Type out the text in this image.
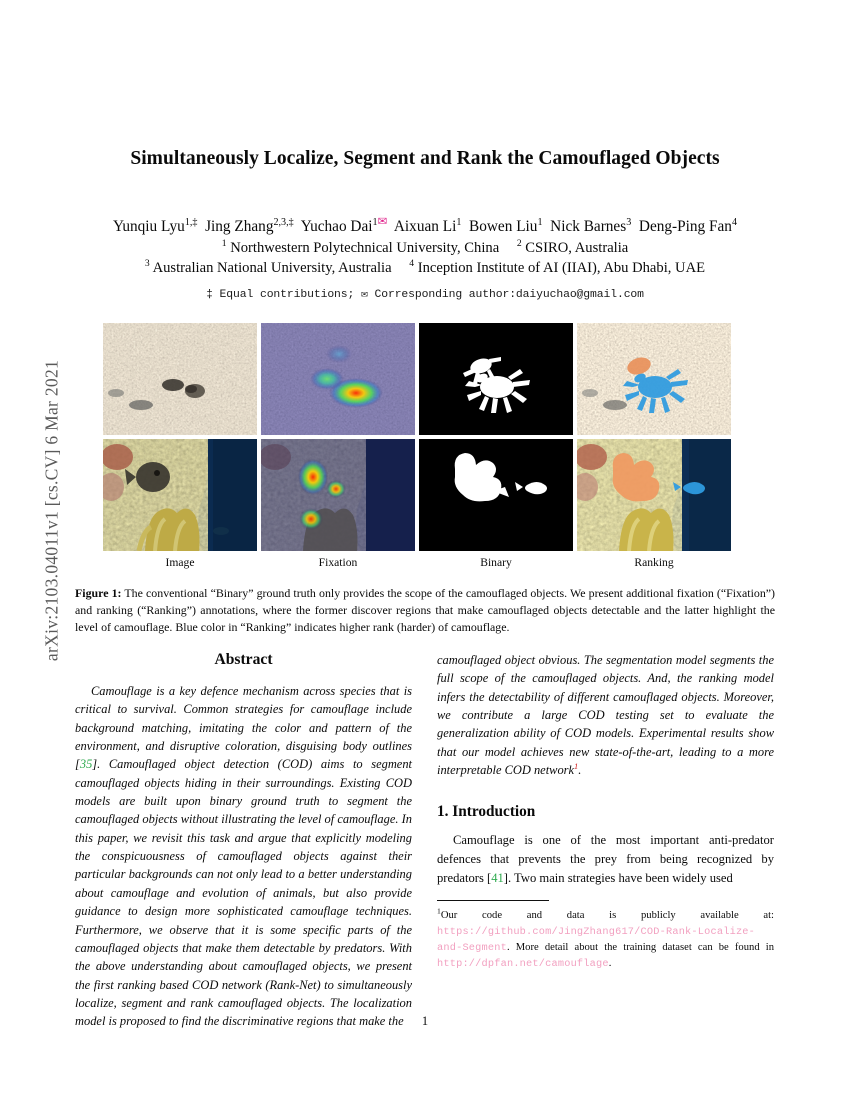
arXiv:2103.04011v1 [cs.CV] 6 Mar 2021
Simultaneously Localize, Segment and Rank the Camouflaged Objects
Yunqiu Lyu$^{1,\ddagger}$ Jing Zhang$^{2,3,\ddagger}$ Yuchao Dai$^{1✉}$ Aixuan Li$^1$ Bowen Liu$^1$ Nick Barnes$^3$ Deng-Ping Fan$^4$
$^1$ Northwestern Polytechnical University, China $^2$ CSIRO, Australia
$^3$ Australian National University, Australia $^4$ Inception Institute of AI (IIAI), Abu Dhabi, UAE
‡ Equal contributions; ✉ Corresponding author:daiyuchao@gmail.com
Image	Fixation	Binary	Ranking
Figure 1: The conventional “Binary” ground truth only provides the scope of the camouflaged objects. We present additional fixation (“Fixation”) and ranking (“Ranking”) annotations, where the former discover regions that make camouflaged objects detectable and the latter highlight the level of camouflage. Blue color in “Ranking” indicates higher rank (harder) of camouflage.
Abstract
Camouflage is a key defence mechanism across species that is critical to survival. Common strategies for camouflage include background matching, imitating the color and pattern of the environment, and disruptive coloration, disguising body outlines [35]. Camouflaged object detection (COD) aims to segment camouflaged objects hiding in their surroundings. Existing COD models are built upon binary ground truth to segment the camouflaged objects without illustrating the level of camouflage. In this paper, we revisit this task and argue that explicitly modeling the conspicuousness of camouflaged objects against their particular backgrounds can not only lead to a better understanding about camouflage and evolution of animals, but also provide guidance to design more sophisticated camouflage techniques. Furthermore, we observe that it is some specific parts of the camouflaged objects that make them detectable by predators. With the above understanding about camouflaged objects, we present the first ranking based COD network (Rank-Net) to simultaneously localize, segment and rank camouflaged objects. The localization model is proposed to find the discriminative regions that make the
camouflaged object obvious. The segmentation model segments the full scope of the camouflaged objects. And, the ranking model infers the detectability of different camouflaged objects. Moreover, we contribute a large COD testing set to evaluate the generalization ability of COD models. Experimental results show that our model achieves new state-of-the-art, leading to a more interpretable COD network$^1$.
1. Introduction
Camouflage is one of the most important anti-predator defences that prevents the prey from being recognized by predators [41]. Two main strategies have been widely used
$^1$Our code and data is publicly available at: https://github.com/JingZhang617/COD-Rank-Localize-and-Segment. More detail about the training dataset can be found in http://dpfan.net/camouflage.
1
